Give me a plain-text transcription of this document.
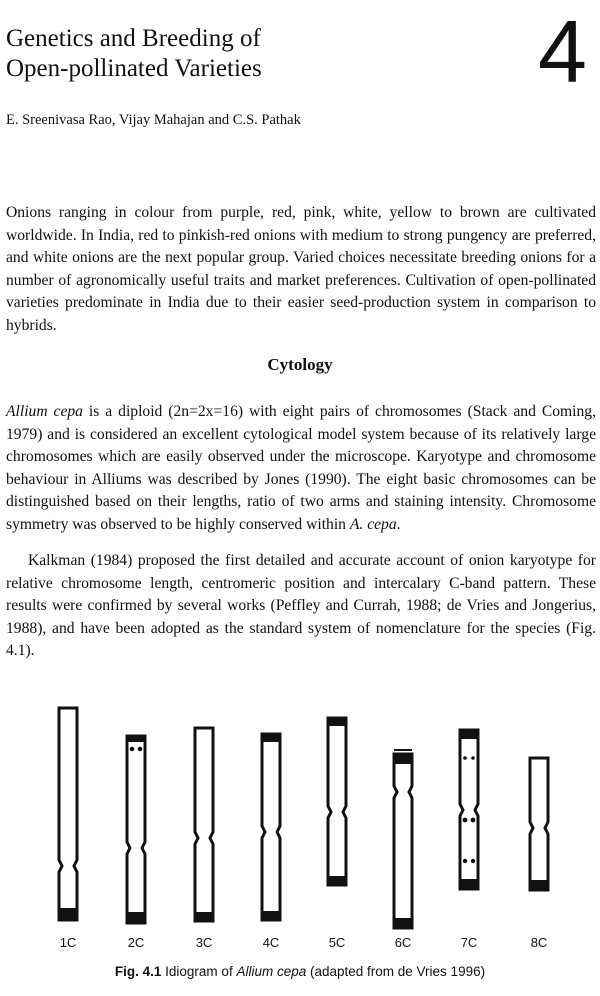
Genetics and Breeding of
Open-pollinated Varieties	4
E. Sreenivasa Rao, Vijay Mahajan and C.S. Pathak

Onions ranging in colour from purple, red, pink, white, yellow to brown are cultivated worldwide. In India, red to pinkish-red onions with medium to strong pungency are preferred, and white onions are the next popular group. Varied choices necessitate breeding onions for a number of agronomically useful traits and market preferences. Cultivation of open-pollinated varieties predominate in India due to their easier seed-production system in comparison to hybrids.

Cytology

Allium cepa is a diploid (2n=2x=16) with eight pairs of chromosomes (Stack and Coming, 1979) and is considered an excellent cytological model system because of its relatively large chromosomes which are easily observed under the microscope. Karyotype and chromosome behaviour in Alliums was described by Jones (1990). The eight basic chromosomes can be distinguished based on their lengths, ratio of two arms and staining intensity. Chromosome symmetry was observed to be highly conserved within A. cepa.

Kalkman (1984) proposed the first detailed and accurate account of onion karyotype for relative chromosome length, centromeric position and intercalary C-band pattern. These results were confirmed by several works (Peffley and Currah, 1988; de Vries and Jongerius, 1988), and have been adopted as the standard system of nomenclature for the species (Fig. 4.1).

1C	2C	3C	4C	5C	6C	7C	8C
Fig. 4.1 Idiogram of Allium cepa (adapted from de Vries 1996)
